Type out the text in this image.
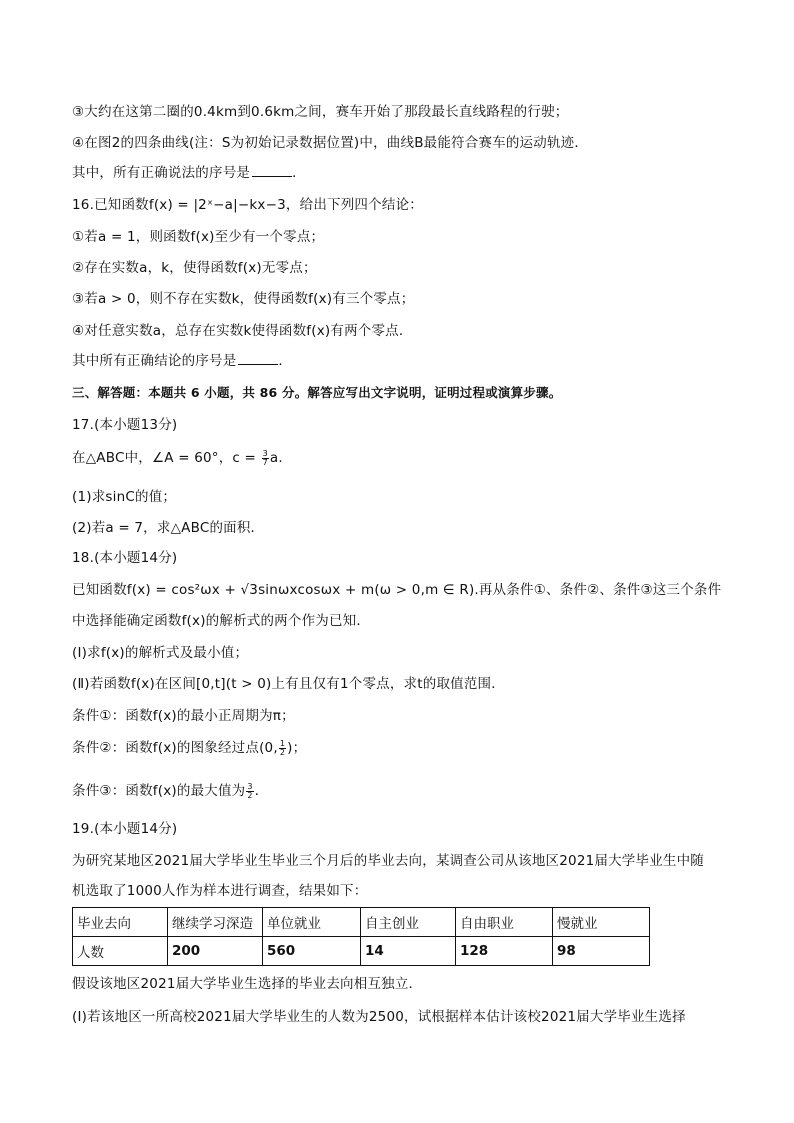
③大约在这第二圈的0.4km到0.6km之间，赛车开始了那段最长直线路程的行驶；
④在图2的四条曲线(注：S为初始记录数据位置)中，曲线B最能符合赛车的运动轨迹．
其中，所有正确说法的序号是	．
16.已知函数f(x) = |2ˣ−a|−kx−3，给出下列四个结论：
①若a = 1，则函数f(x)至少有一个零点；
②存在实数a，k，使得函数f(x)无零点；
③若a > 0，则不存在实数k，使得函数f(x)有三个零点；
④对任意实数a，总存在实数k使得函数f(x)有两个零点．
其中所有正确结论的序号是	．
三、解答题：本题共 6 小题，共 86 分。解答应写出文字说明，证明过程或演算步骤。
17.(本小题13分)
在△ABC中，∠A = 60°，$c = \frac{3}{7} a$.
(1)求sinC的值；
(2)若a = 7，求△ABC的面积．
18.(本小题14分)
已知函数f(x) = cos²ωx + √3sinωxcosωx + m(ω > 0,m ∈ R).再从条件①、条件②、条件③这三个条件
中选择能确定函数f(x)的解析式的两个作为已知．
(Ⅰ)求f(x)的解析式及最小值；
(Ⅱ)若函数f(x)在区间[0,t](t > 0)上有且仅有1个零点，求t的取值范围．
条件①：函数f(x)的最小正周期为π；
条件②：函数f(x)的图象经过点(0, $\frac{1}{2}$ )；
条件③：函数f(x)的最大值为 $\frac{3}{2}$ ．
19.(本小题14分)
为研究某地区2021届大学毕业生毕业三个月后的毕业去向，某调查公司从该地区2021届大学毕业生中随
机选取了1000人作为样本进行调查，结果如下：
毕业去向	继续学习深造	单位就业	自主创业	自由职业	慢就业
人数	200	560	14	128	98
假设该地区2021届大学毕业生选择的毕业去向相互独立．
(Ⅰ)若该地区一所高校2021届大学毕业生的人数为2500，试根据样本估计该校2021届大学毕业生选择
